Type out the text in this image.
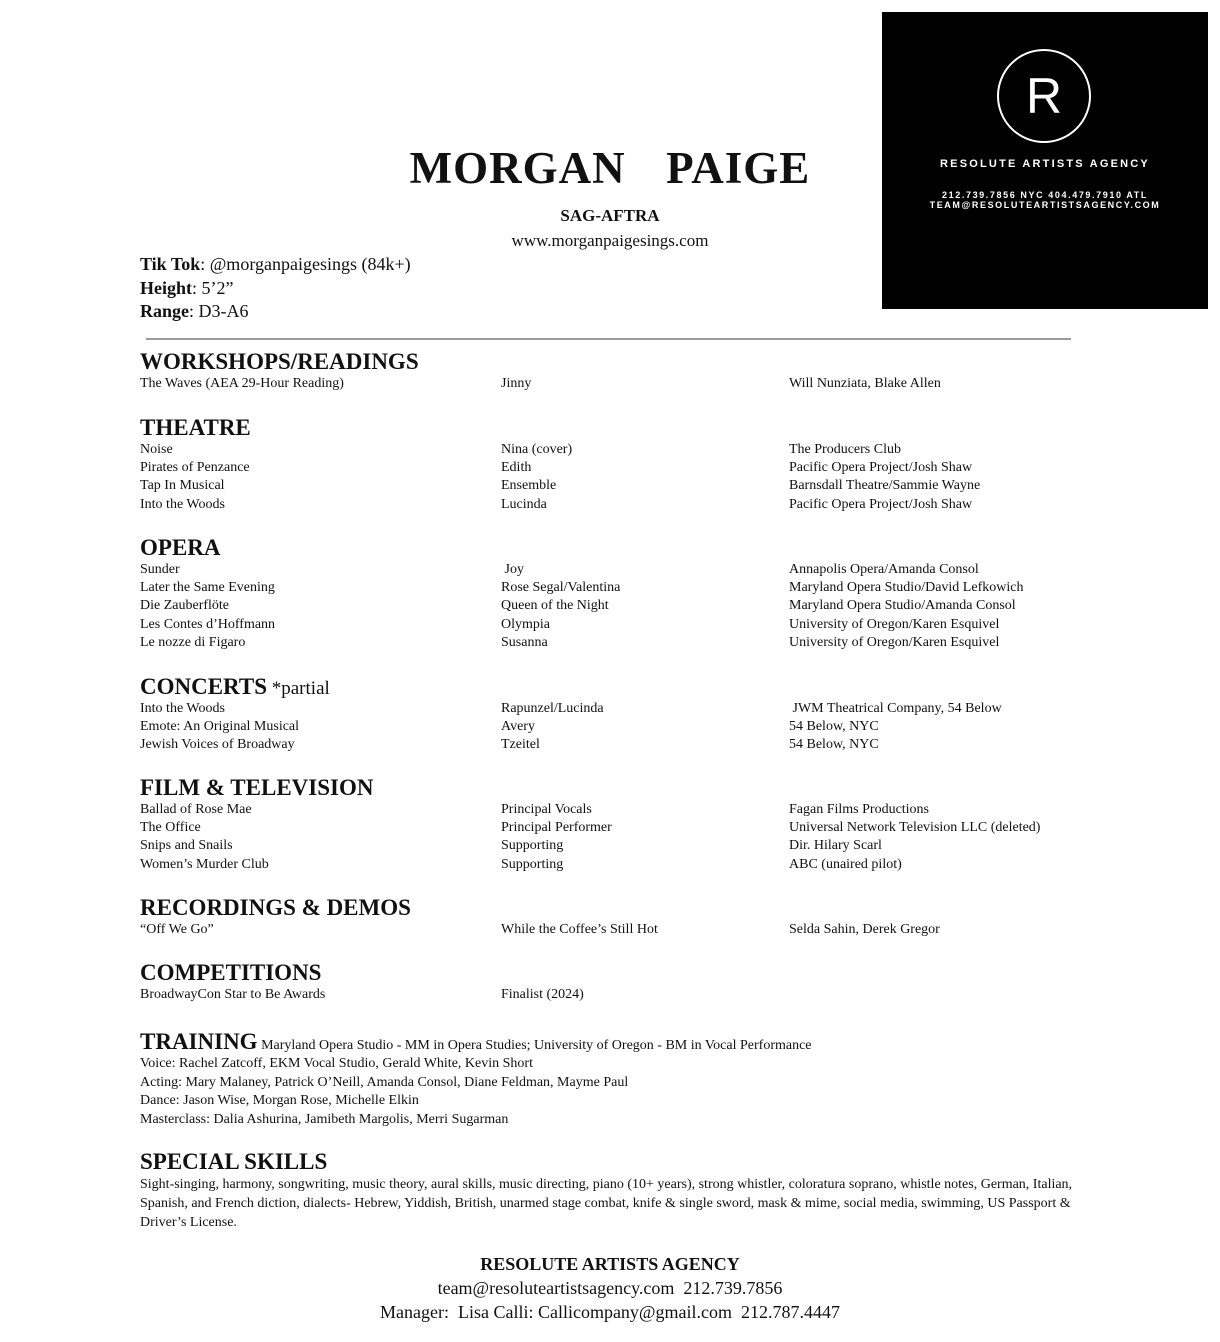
R
RESOLUTE ARTISTS AGENCY
212.739.7856 NYC 404.479.7910 ATL
TEAM@RESOLUTEARTISTSAGENCY.COM
MORGAN  PAIGE
SAG-AFTRA
www.morganpaigesings.com
Tik Tok: @morganpaigesings (84k+)
Height: 5’2”
Range: D3-A6
WORKSHOPS/READINGS
The Waves (AEA 29-Hour Reading)	Jinny	Will Nunziata, Blake Allen
THEATRE
Noise	Nina (cover)	The Producers Club
Pirates of Penzance	Edith	Pacific Opera Project/Josh Shaw
Tap In Musical	Ensemble	Barnsdall Theatre/Sammie Wayne
Into the Woods	Lucinda	Pacific Opera Project/Josh Shaw
OPERA
Sunder	Joy	Annapolis Opera/Amanda Consol
Later the Same Evening	Rose Segal/Valentina	Maryland Opera Studio/David Lefkowich
Die Zauberflöte	Queen of the Night	Maryland Opera Studio/Amanda Consol
Les Contes d’Hoffmann	Olympia	University of Oregon/Karen Esquivel
Le nozze di Figaro	Susanna	University of Oregon/Karen Esquivel
CONCERTS *partial
Into the Woods	Rapunzel/Lucinda	JWM Theatrical Company, 54 Below
Emote: An Original Musical	Avery	54 Below, NYC
Jewish Voices of Broadway	Tzeitel	54 Below, NYC
FILM & TELEVISION
Ballad of Rose Mae	Principal Vocals	Fagan Films Productions
The Office	Principal Performer	Universal Network Television LLC (deleted)
Snips and Snails	Supporting	Dir. Hilary Scarl
Women’s Murder Club	Supporting	ABC (unaired pilot)
RECORDINGS & DEMOS
“Off We Go”	While the Coffee’s Still Hot	Selda Sahin, Derek Gregor
COMPETITIONS
BroadwayCon Star to Be Awards	Finalist (2024)
TRAINING Maryland Opera Studio - MM in Opera Studies; University of Oregon - BM in Vocal Performance
Voice: Rachel Zatcoff, EKM Vocal Studio, Gerald White, Kevin Short
Acting: Mary Malaney, Patrick O’Neill, Amanda Consol, Diane Feldman, Mayme Paul
Dance: Jason Wise, Morgan Rose, Michelle Elkin
Masterclass: Dalia Ashurina, Jamibeth Margolis, Merri Sugarman
SPECIAL SKILLS
Sight-singing, harmony, songwriting, music theory, aural skills, music directing, piano (10+ years), strong whistler, coloratura soprano, whistle notes, German, Italian, Spanish, and French diction, dialects- Hebrew, Yiddish, British, unarmed stage combat, knife & single sword, mask & mime, social media, swimming, US Passport & Driver’s License.
RESOLUTE ARTISTS AGENCY
team@resoluteartistsagency.com  212.739.7856
Manager:  Lisa Calli: Callicompany@gmail.com  212.787.4447
